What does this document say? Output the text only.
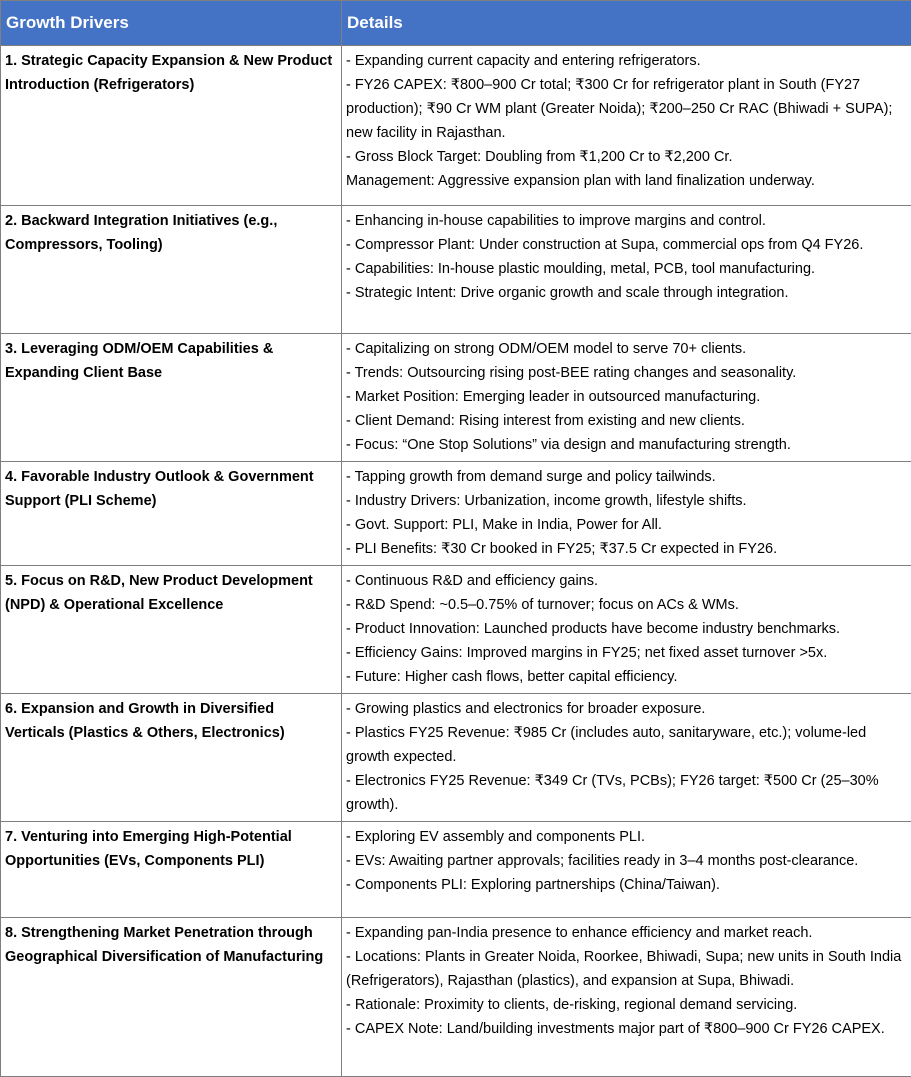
Growth Drivers	Details
1. Strategic Capacity Expansion & New Product Introduction (Refrigerators)	- Expanding current capacity and entering refrigerators.
- FY26 CAPEX: ₹800–900 Cr total; ₹300 Cr for refrigerator plant in South (FY27 production); ₹90 Cr WM plant (Greater Noida); ₹200–250 Cr RAC (Bhiwadi + SUPA); new facility in Rajasthan.
- Gross Block Target: Doubling from ₹1,200 Cr to ₹2,200 Cr.
Management: Aggressive expansion plan with land finalization underway.

2. Backward Integration Initiatives (e.g., Compressors, Tooling)	- Enhancing in-house capabilities to improve margins and control.
- Compressor Plant: Under construction at Supa, commercial ops from Q4 FY26.
- Capabilities: In-house plastic moulding, metal, PCB, tool manufacturing.
- Strategic Intent: Drive organic growth and scale through integration.

3. Leveraging ODM/OEM Capabilities & Expanding Client Base	- Capitalizing on strong ODM/OEM model to serve 70+ clients.
- Trends: Outsourcing rising post-BEE rating changes and seasonality.
- Market Position: Emerging leader in outsourced manufacturing.
- Client Demand: Rising interest from existing and new clients.
- Focus: “One Stop Solutions” via design and manufacturing strength.

4. Favorable Industry Outlook & Government Support (PLI Scheme)	- Tapping growth from demand surge and policy tailwinds.
- Industry Drivers: Urbanization, income growth, lifestyle shifts.
- Govt. Support: PLI, Make in India, Power for All.
- PLI Benefits: ₹30 Cr booked in FY25; ₹37.5 Cr expected in FY26.

5. Focus on R&D, New Product Development (NPD) & Operational Excellence	- Continuous R&D and efficiency gains.
- R&D Spend: ~0.5–0.75% of turnover; focus on ACs & WMs.
- Product Innovation: Launched products have become industry benchmarks.
- Efficiency Gains: Improved margins in FY25; net fixed asset turnover >5x.
- Future: Higher cash flows, better capital efficiency.

6. Expansion and Growth in Diversified Verticals (Plastics & Others, Electronics)	- Growing plastics and electronics for broader exposure.
- Plastics FY25 Revenue: ₹985 Cr (includes auto, sanitaryware, etc.); volume-led growth expected.
- Electronics FY25 Revenue: ₹349 Cr (TVs, PCBs); FY26 target: ₹500 Cr (25–30% growth).

7. Venturing into Emerging High-Potential Opportunities (EVs, Components PLI)	- Exploring EV assembly and components PLI.
- EVs: Awaiting partner approvals; facilities ready in 3–4 months post-clearance.
- Components PLI: Exploring partnerships (China/Taiwan).

8. Strengthening Market Penetration through Geographical Diversification of Manufacturing	- Expanding pan-India presence to enhance efficiency and market reach.
- Locations: Plants in Greater Noida, Roorkee, Bhiwadi, Supa; new units in South India (Refrigerators), Rajasthan (plastics), and expansion at Supa, Bhiwadi.
- Rationale: Proximity to clients, de-risking, regional demand servicing.
- CAPEX Note: Land/building investments major part of ₹800–900 Cr FY26 CAPEX.
